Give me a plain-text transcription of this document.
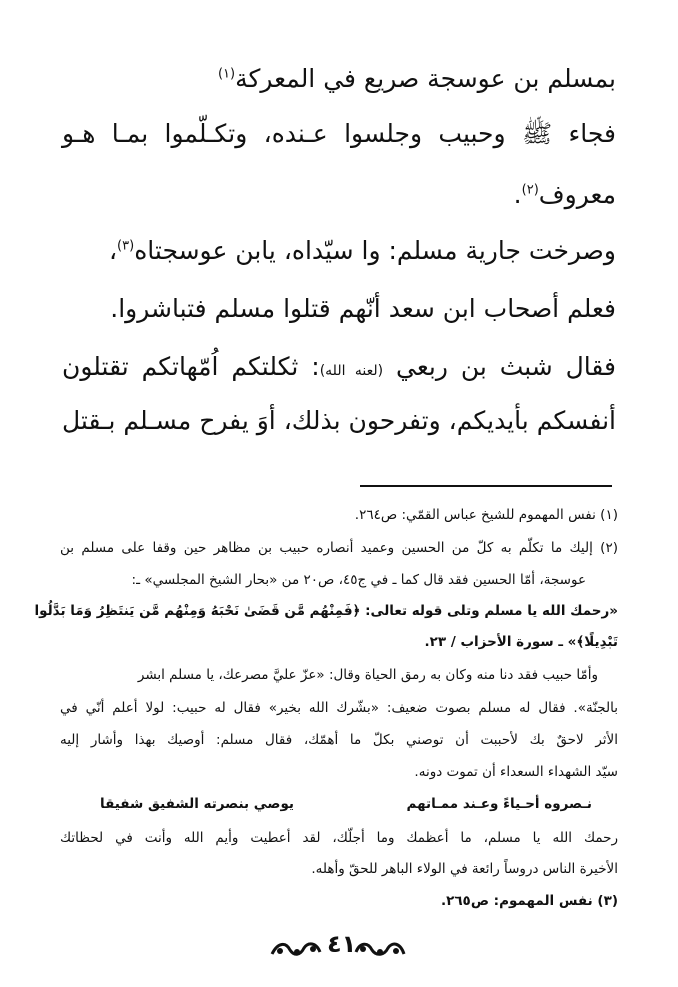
بمسلم بن عوسجة صريع في المعركة$^{(١)}$
فجاء ﷺ وحبيب وجلسوا عـنده، وتكـلّموا بمـا هـو
معروف$^{(٢)}$.
وصرخت جارية مسلم: وا سيّداه، يابن عوسجتاه$^{(٣)}$،
فعلم أصحاب ابن سعد أنّهم قتلوا مسلم فتباشروا.
فقال شبث بن ربعي (لعنه الله): ثكلتكم اُمّهاتكم تقتلون
أنفسكم بأيديكم، وتفرحون بذلك، أوَ يفرح مسـلم بـقتل
(١) نفس المهموم للشيخ عباس القمّي: ص٢٦٤.
(٢) إليك ما تكلّم به كلّ من الحسين وعميد أنصاره حبيب بن مظاهر حين وقفا على مسلم بن
عوسجة، أمّا الحسين فقد قال كما ـ في ج٤٥، ص٢٠ من «بحار الشيخ المجلسي» ـ:
«رحمك الله يا مسلم وتلى قوله تعالى: ﴿فَمِنْهُم مَّن قَضَىٰ نَحْبَهُ وَمِنْهُم مَّن يَنتَظِرُ وَمَا بَدَّلُوا
تَبْدِيلًا﴾» ـ سورة الأحزاب / ٢٣.
وأمّا حبيب فقد دنا منه وكان به رمق الحياة وقال: «عزّ عليَّ مصرعك، يا مسلم ابشر
بالجنّة». فقال له مسلم بصوت ضعيف: «بشّرك الله بخير» فقال له حبيب: لولا أعلم أنّي في
الأثر لاحقٌ بك لأحببت أن توصني بكلّ ما أهمّك، فقال مسلم: أوصيك بهذا وأشار إليه
سيّد الشهداء السعداء أن تموت دونه.
نـصروه أحـياءً وعـند ممـاتهم
يوصي بنصرته الشفيق شفيقا
رحمك الله يا مسلم، ما أعظمك وما أجلّك، لقد أعطيت وأيم الله وأنت في لحظاتك
الأخيرة الناس دروساً رائعة في الولاء الباهر للحقّ وأهله.
(٣) نفس المهموم: ص٢٦٥.
٤١
